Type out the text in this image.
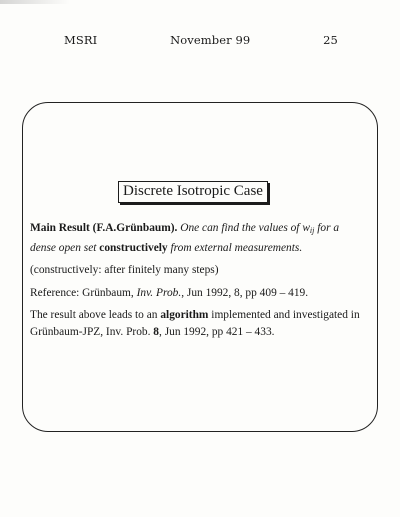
MSRI	November 99	25
Discrete Isotropic Case

Main Result (F.A.Grünbaum). One can find the values of $w_{ij}$ for a dense open set constructively from external measurements.

(constructively: after finitely many steps)

Reference: Grünbaum, Inv. Prob., Jun 1992, 8, pp 409 – 419.

The result above leads to an algorithm implemented and investigated in Grünbaum-JPZ, Inv. Prob. 8, Jun 1992, pp 421 – 433.
